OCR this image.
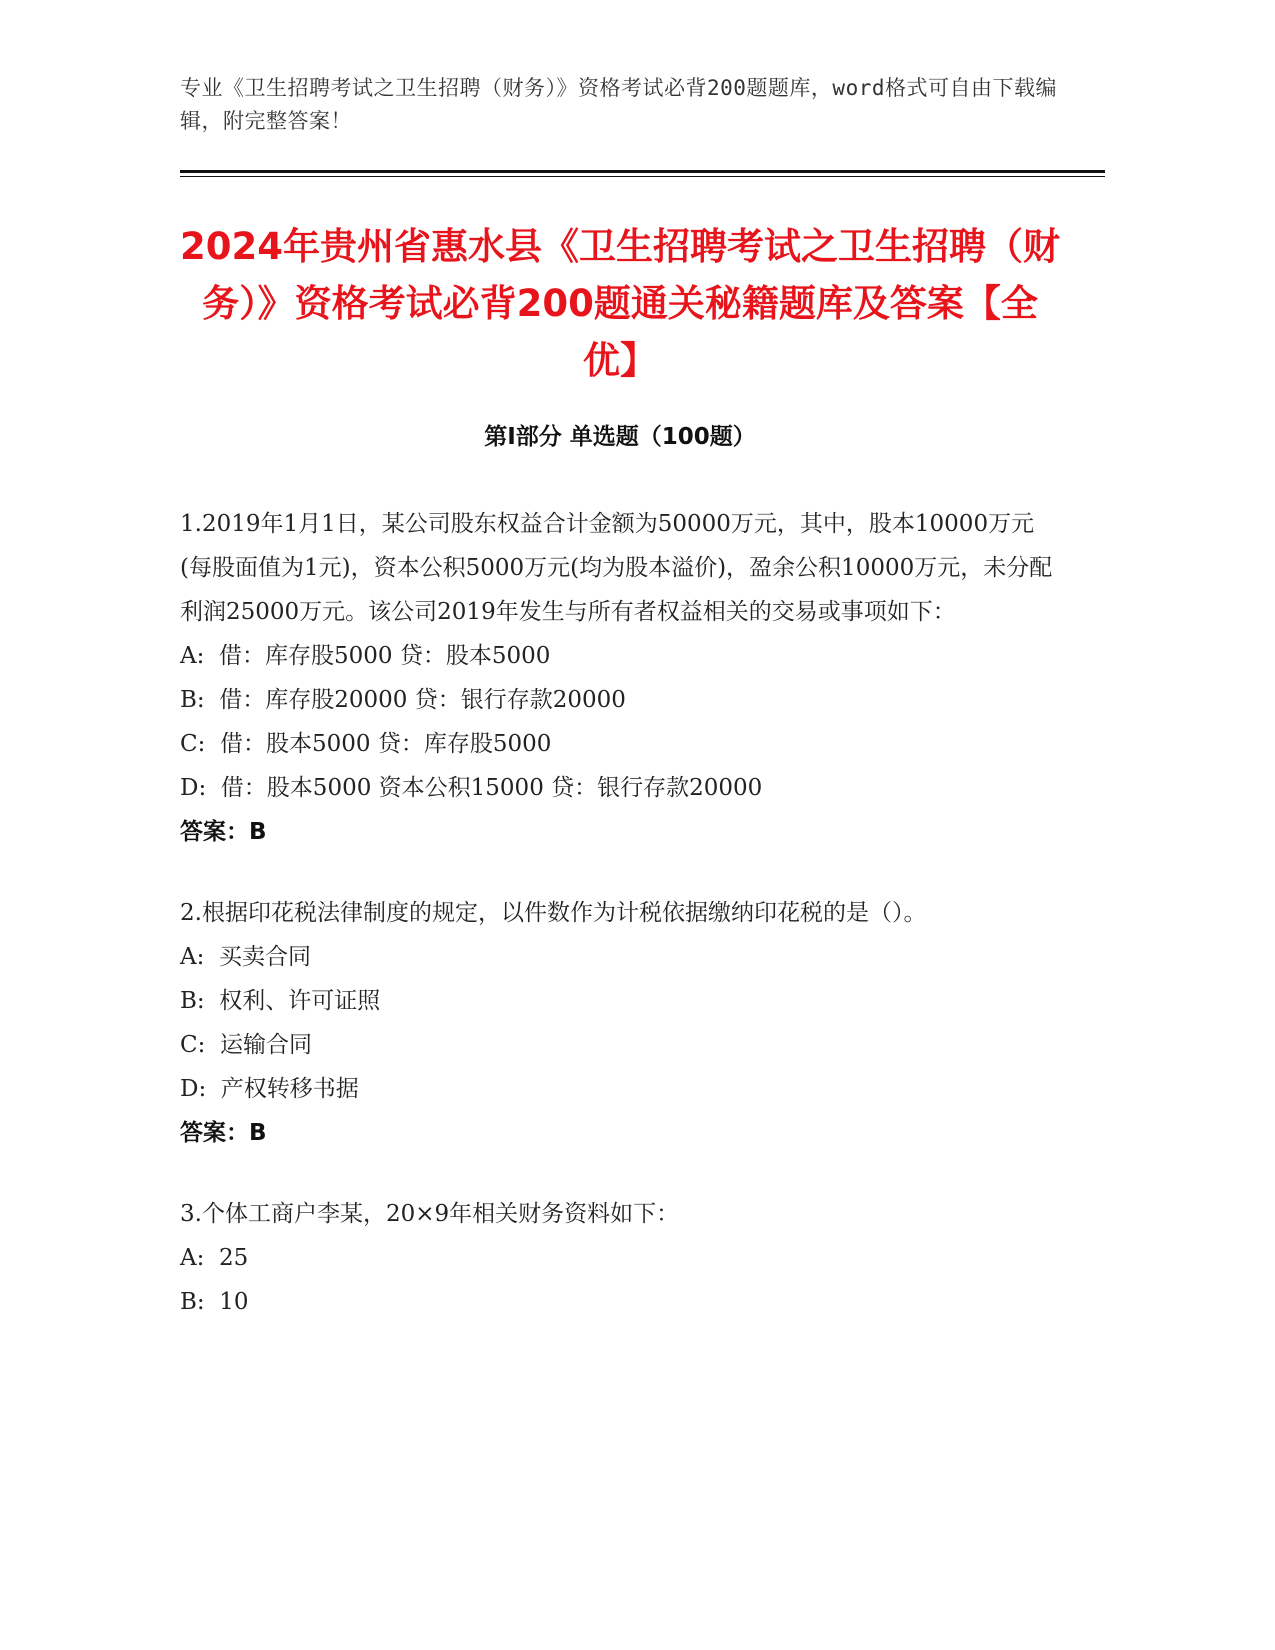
专业《卫生招聘考试之卫生招聘（财务）》资格考试必背200题题库，word格式可自由下载编辑，附完整答案！
2024年贵州省惠水县《卫生招聘考试之卫生招聘（财务）》资格考试必背200题通关秘籍题库及答案【全优】
第I部分 单选题（100题）

1.2019年1月1日，某公司股东权益合计金额为50000万元，其中，股本10000万元(每股面值为1元)，资本公积5000万元(均为股本溢价)，盈余公积10000万元，未分配利润25000万元。该公司2019年发生与所有者权益相关的交易或事项如下：

A:  借：库存股5000 贷：股本5000

B:  借：库存股20000 贷：银行存款20000

C:  借：股本5000 贷：库存股5000

D:  借：股本5000 资本公积15000 贷：银行存款20000

答案：B

2.根据印花税法律制度的规定，以件数作为计税依据缴纳印花税的是（）。

A:  买卖合同

B:  权利、许可证照

C:  运输合同

D:  产权转移书据

答案：B

3.个体工商户李某，20×9年相关财务资料如下：

A:  25

B:  10
